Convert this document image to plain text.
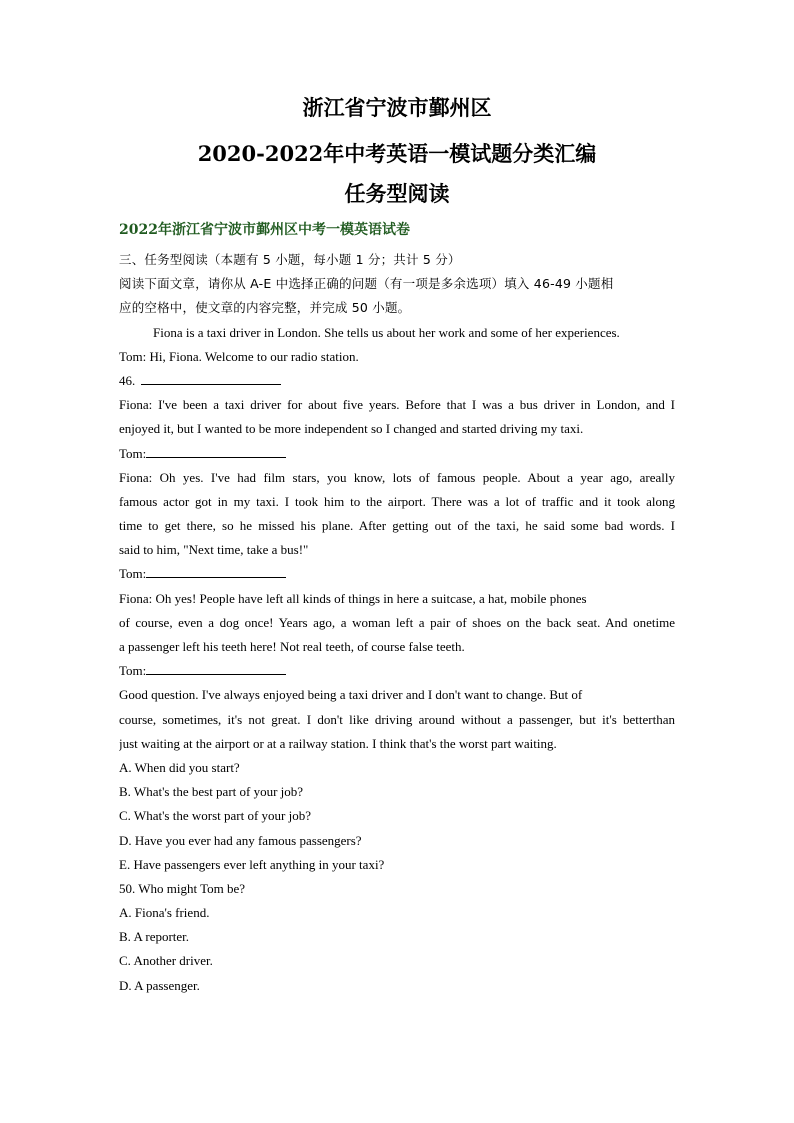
浙江省宁波市鄞州区
2020-2022年中考英语一模试题分类汇编
任务型阅读
2022年浙江省宁波市鄞州区中考一模英语试卷
三、任务型阅读（本题有 5 小题，每小题 1 分；共计 5 分）
阅读下面文章，请你从 A-E 中选择正确的问题（有一项是多余选项）填入 46-49 小题相
应的空格中，使文章的内容完整，并完成 50 小题。
Fiona is a taxi driver in London. She tells us about her work and some of her experiences.
Tom: Hi, Fiona. Welcome to our radio station.
46.
Fiona: I've been a taxi driver for about five years. Before that I was a bus driver in London, and I
enjoyed it, but I wanted to be more independent so I changed and started driving my taxi.
Tom:
Fiona: Oh yes. I've had film stars, you know, lots of famous people. About a year ago, areally
famous actor got in my taxi. I took him to the airport. There was a lot of traffic and it took along
time to get there, so he missed his plane. After getting out of the taxi, he said some bad words. I
said to him, "Next time, take a bus!"
Tom:
Fiona: Oh yes! People have left all kinds of things in here a suitcase, a hat, mobile phones
of course, even a dog once! Years ago, a woman left a pair of shoes on the back seat. And onetime
a passenger left his teeth here! Not real teeth, of course false teeth.
Tom:
Good question. I've always enjoyed being a taxi driver and I don't want to change. But of
course, sometimes, it's not great. I don't like driving around without a passenger, but it's betterthan
just waiting at the airport or at a railway station. I think that's the worst part waiting.
A. When did you start?
B. What's the best part of your job?
C. What's the worst part of your job?
D. Have you ever had any famous passengers?
E. Have passengers ever left anything in your taxi?
50. Who might Tom be?
A. Fiona's friend.
B. A reporter.
C. Another driver.
D. A passenger.
